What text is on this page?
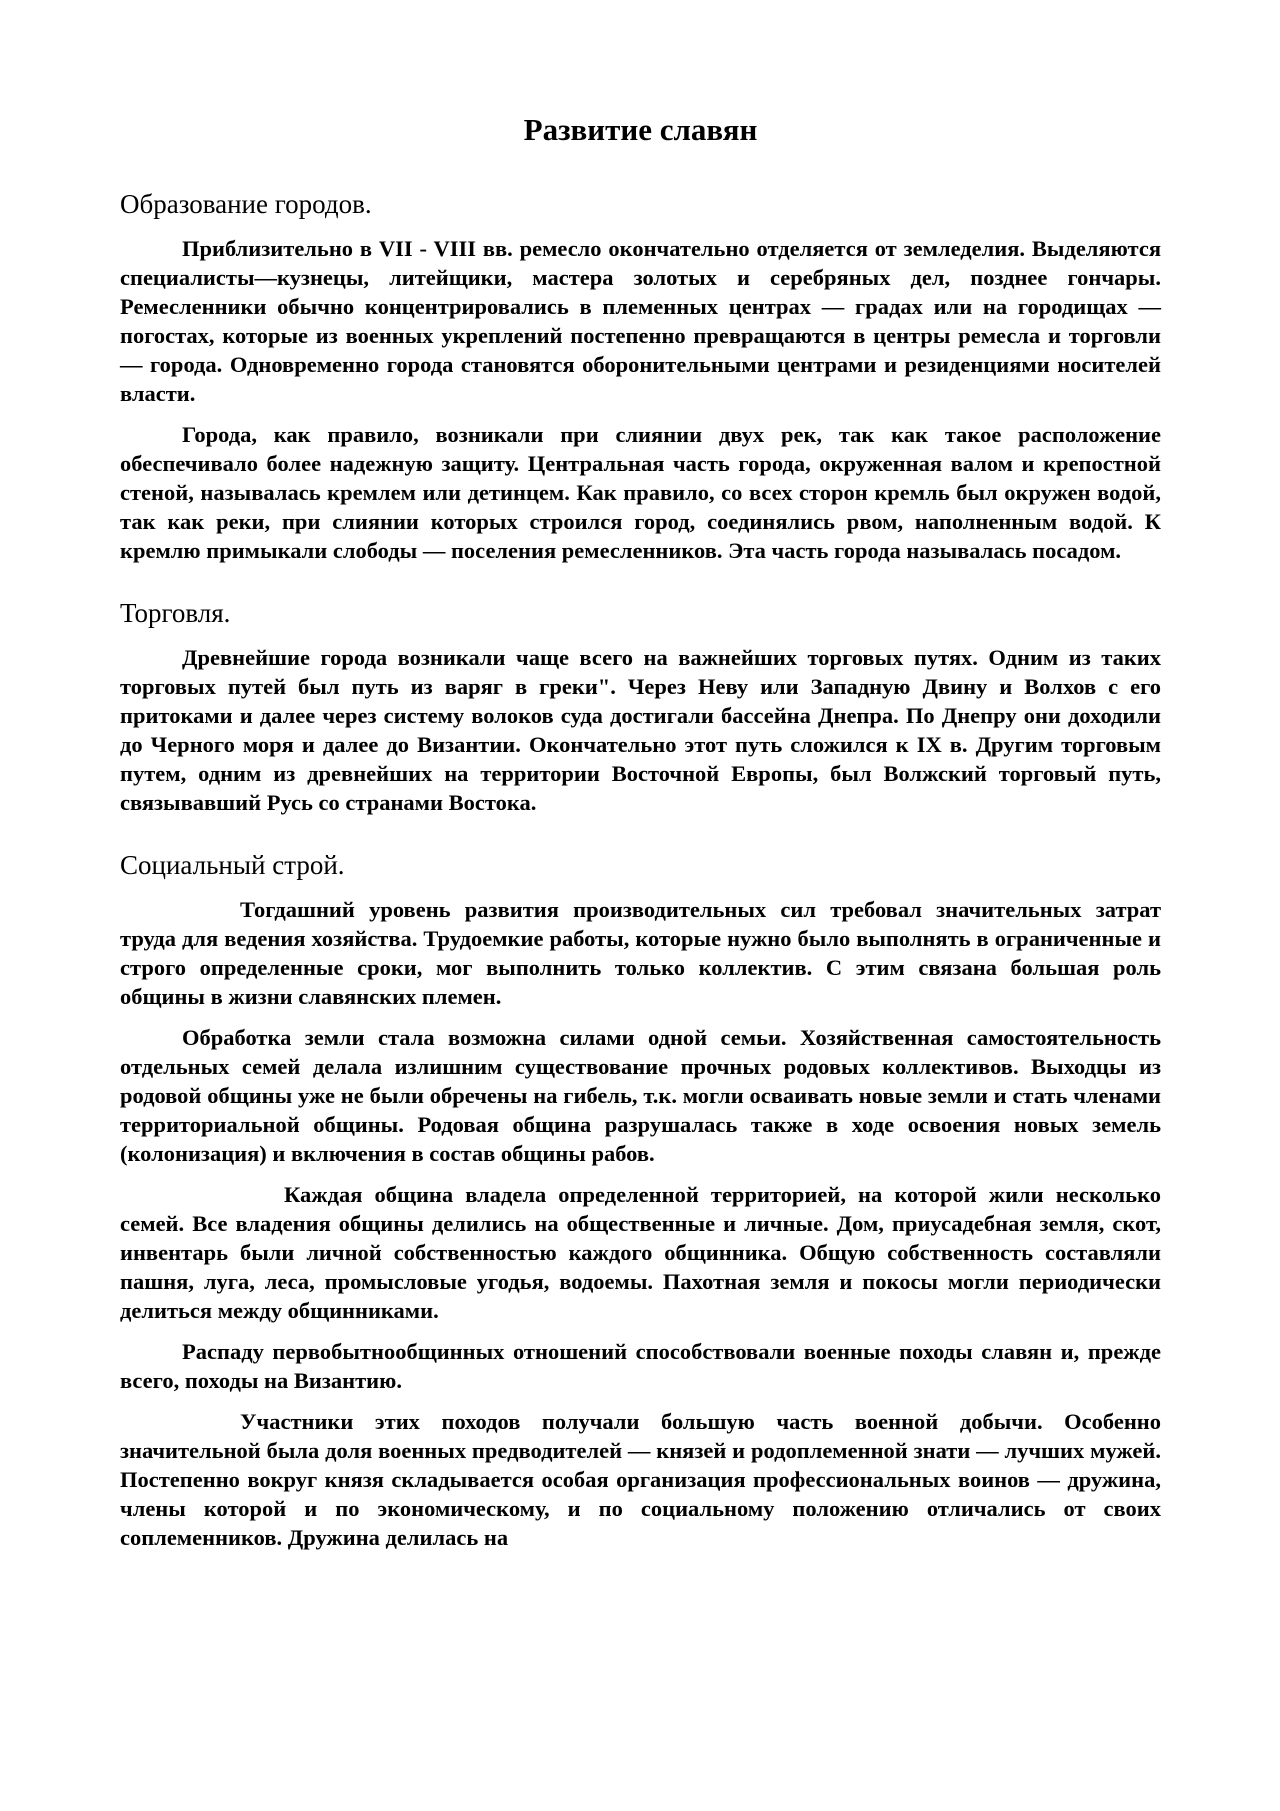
Развитие славян
Образование городов.

Приблизительно в VII - VIII вв. ремесло окончательно отделяется от земледелия. Выделяются специалисты—кузнецы, литейщики, мастера золотых и серебряных дел, позднее гончары. Ремесленники обычно концентрировались в племенных центрах — градах или на городищах — погостах, которые из военных укреплений постепенно превращаются в центры ремесла и торговли — города. Одновременно города становятся оборонительными центрами и резиденциями носителей власти.

Города, как правило, возникали при слиянии двух рек, так как такое расположение обеспечивало более надежную защиту. Центральная часть города, окруженная валом и крепостной стеной, называлась кремлем или детинцем. Как правило, со всех сторон кремль был окружен водой, так как реки, при слиянии которых строился город, соединялись рвом, наполненным водой. К кремлю примыкали слободы — поселения ремесленников. Эта часть города называлась посадом.

Торговля.

Древнейшие города возникали чаще всего на важнейших торговых путях. Одним из таких торговых путей был путь из варяг в греки". Через Неву или Западную Двину и Волхов с его притоками и далее через систему волоков суда достигали бассейна Днепра. По Днепру они доходили до Черного моря и далее до Византии. Окончательно этот путь сложился к IX в. Другим торговым путем, одним из древнейших на территории Восточной Европы, был Волжский торговый путь, связывавший Русь со странами Востока.

Социальный строй.

Тогдашний уровень развития производительных сил требовал значительных затрат труда для ведения хозяйства. Трудоемкие работы, которые нужно было выполнять в ограниченные и строго определенные сроки, мог выполнить только коллектив. С этим связана большая роль общины в жизни славянских племен.

Обработка земли стала возможна силами одной семьи. Хозяйственная самостоятельность отдельных семей делала излишним существование прочных родовых коллективов. Выходцы из родовой общины уже не были обречены на гибель, т.к. могли осваивать новые земли и стать членами территориальной общины. Родовая община разрушалась также в ходе освоения новых земель (колонизация) и включения в состав общины рабов.

Каждая община владела определенной территорией, на которой жили несколько семей. Все владения общины делились на общественные и личные. Дом, приусадебная земля, скот, инвентарь были личной собственностью каждого общинника. Общую собственность составляли пашня, луга, леса, промысловые угодья, водоемы. Пахотная земля и покосы могли периодически делиться между общинниками.

Распаду первобытнообщинных отношений способствовали военные походы славян и, прежде всего, походы на Византию.

Участники этих походов получали большую часть военной добычи. Особенно значительной была доля военных предводителей — князей и родоплеменной знати — лучших мужей. Постепенно вокруг князя складывается особая организация профессиональных воинов — дружина, члены которой и по экономическому, и по социальному положению отличались от своих соплеменников. Дружина делилась на
